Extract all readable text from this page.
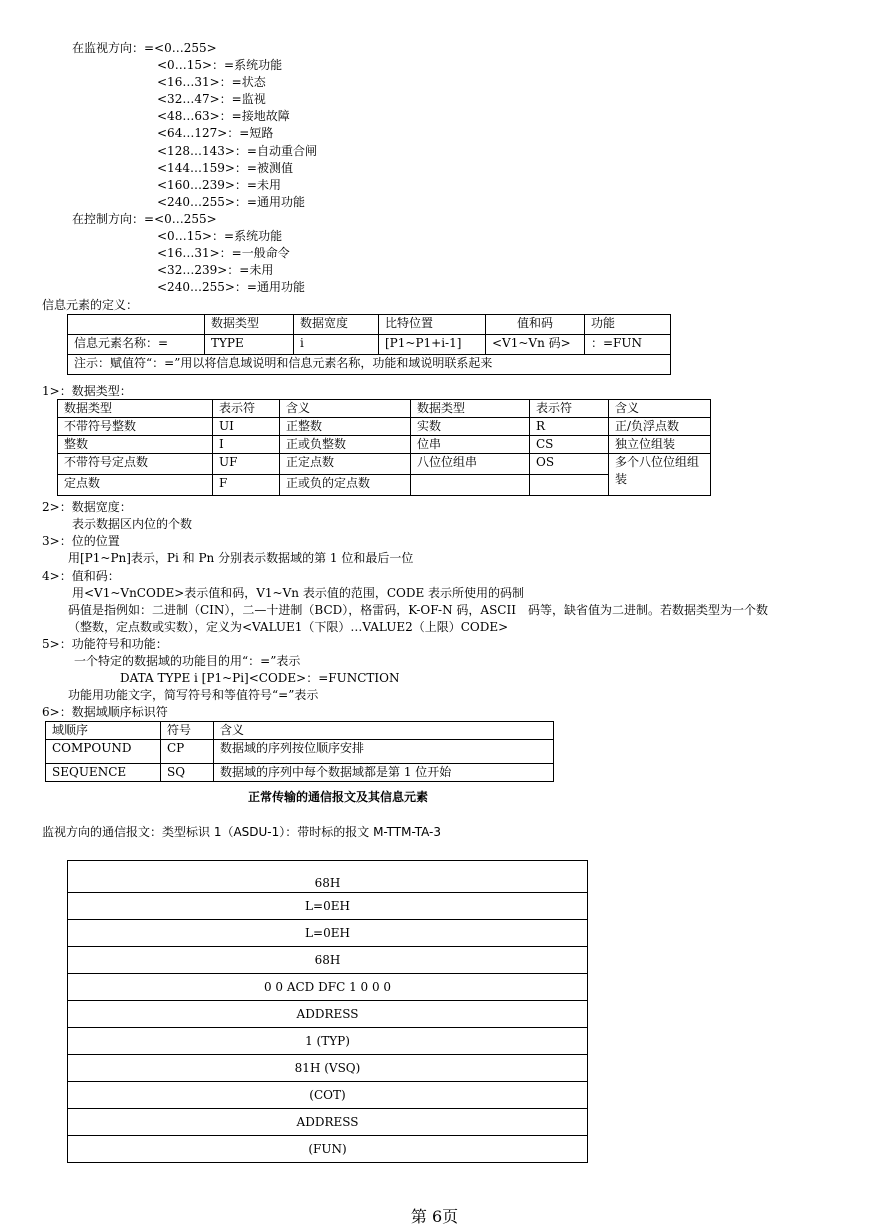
在监视方向：=<0…255>
<0…15>：=系统功能
<16…31>：=状态
<32…47>：=监视
<48…63>：=接地故障
<64…127>：=短路
<128…143>：=自动重合闸
<144…159>：=被测值
<160…239>：=未用
<240…255>：=通用功能
在控制方向：=<0…255>
<0…15>：=系统功能
<16…31>：=一般命令
<32…239>：=未用
<240…255>：=通用功能
信息元素的定义：
	数据类型	数据宽度	比特位置	值和码	功能
信息元素名称：=	TYPE	i	[P1~P1+i-1]	<V1~Vn 码>	：=FUN
注示：赋值符“：=”用以将信息域说明和信息元素名称，功能和域说明联系起来					
1>：数据类型：
数据类型	表示符	含义	数据类型	表示符	含义
不带符号整数	UI	正整数	实数	R	正/负浮点数
整数	I	正或负整数	位串	CS	独立位组装
不带符号定点数	UF	正定点数	八位位组串	OS	多个八位位组组装
定点数	F	正或负的定点数			
2>：数据宽度：
表示数据区内位的个数
3>：位的位置
用[P1~Pn]表示，Pi 和 Pn 分别表示数据域的第 1 位和最后一位
4>：值和码：
用<V1~VnCODE>表示值和码，V1~Vn 表示值的范围，CODE 表示所使用的码制
码值是指例如：二进制（CIN），二—十进制（BCD），格雷码，K-OF-N 码，ASCII　码等，缺省值为二进制。若数据类型为一个数
（整数，定点数或实数），定义为<VALUE1（下限）…VALUE2（上限）CODE>
5>：功能符号和功能：
一个特定的数据域的功能目的用“：=”表示
DATA TYPE i [P1~Pi]<CODE>：=FUNCTION
功能用功能文字，简写符号和等值符号“=”表示
6>：数据域顺序标识符
域顺序	符号	含义
COMPOUND	CP	数据域的序列按位顺序安排
SEQUENCE	SQ	数据域的序列中每个数据域都是第 1 位开始
正常传输的通信报文及其信息元素
监视方向的通信报文：类型标识 1（ASDU-1）：带时标的报文 M-TTM-TA-3
68H
L=0EH
L=0EH
68H
0 0 ACD DFC 1 0 0 0
ADDRESS
1 (TYP)
81H (VSQ)
(COT)
ADDRESS
(FUN)
第 6页
